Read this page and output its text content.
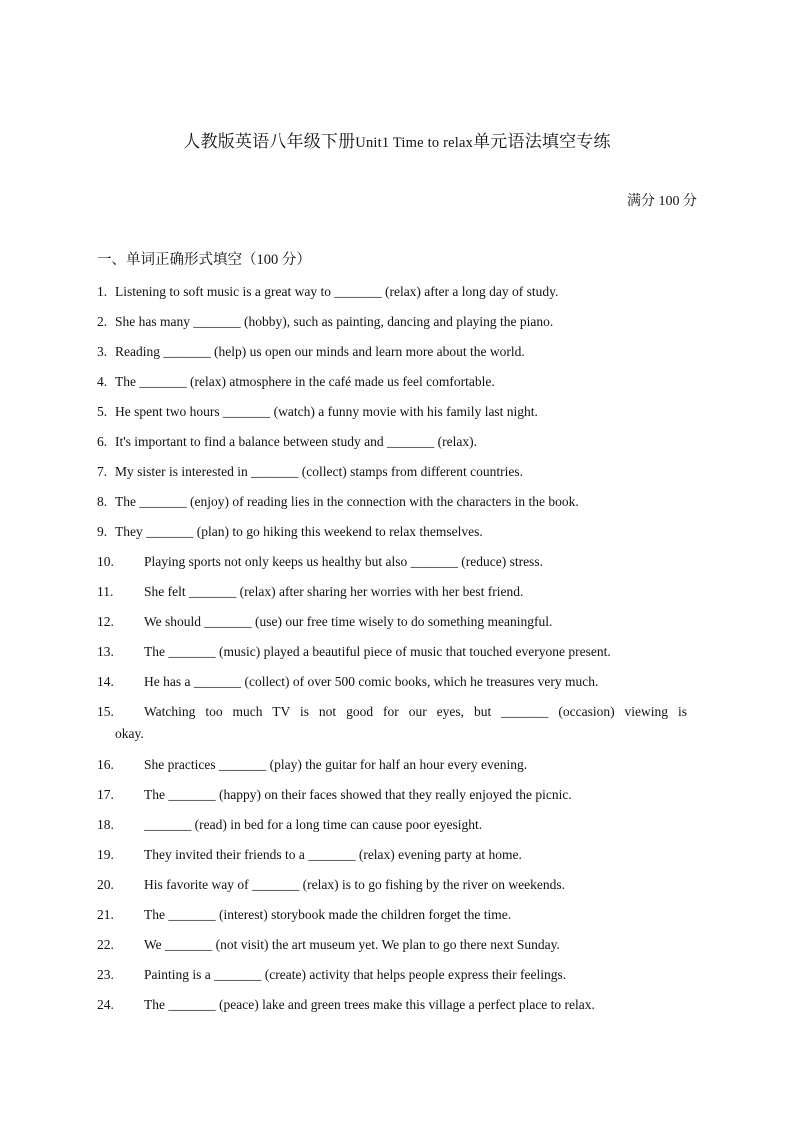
人教版英语八年级下册Unit1 Time to relax单元语法填空专练
满分 100 分
一、单词正确形式填空（100 分）
1. Listening to soft music is a great way to _______ (relax) after a long day of study.
2. She has many _______ (hobby), such as painting, dancing and playing the piano.
3. Reading _______ (help) us open our minds and learn more about the world.
4. The _______ (relax) atmosphere in the café made us feel comfortable.
5. He spent two hours _______ (watch) a funny movie with his family last night.
6. It's important to find a balance between study and _______ (relax).
7. My sister is interested in _______ (collect) stamps from different countries.
8. The _______ (enjoy) of reading lies in the connection with the characters in the book.
9. They _______ (plan) to go hiking this weekend to relax themselves.
10. Playing sports not only keeps us healthy but also _______ (reduce) stress.
11. She felt _______ (relax) after sharing her worries with her best friend.
12. We should _______ (use) our free time wisely to do something meaningful.
13. The _______ (music) played a beautiful piece of music that touched everyone present.
14. He has a _______ (collect) of over 500 comic books, which he treasures very much.
15. Watching too much TV is not good for our eyes, but _______ (occasion) viewing is
okay.
16. She practices _______ (play) the guitar for half an hour every evening.
17. The _______ (happy) on their faces showed that they really enjoyed the picnic.
18. _______ (read) in bed for a long time can cause poor eyesight.
19. They invited their friends to a _______ (relax) evening party at home.
20. His favorite way of _______ (relax) is to go fishing by the river on weekends.
21. The _______ (interest) storybook made the children forget the time.
22. We _______ (not visit) the art museum yet. We plan to go there next Sunday.
23. Painting is a _______ (create) activity that helps people express their feelings.
24. The _______ (peace) lake and green trees make this village a perfect place to relax.
